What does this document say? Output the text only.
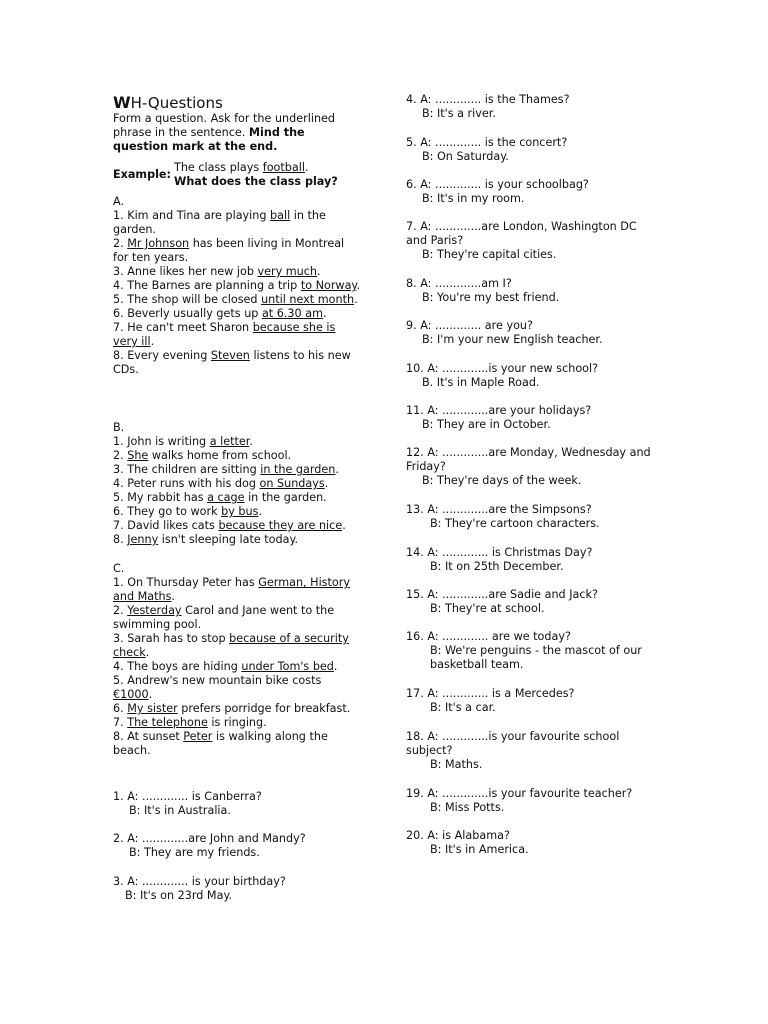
WH-Questions
Form a question. Ask for the underlined phrase in the sentence. Mind the question mark at the end.
Example:
The class plays football.
What does the class play?

A.

1. Kim and Tina are playing ball in the garden.

2. Mr Johnson has been living in Montreal for ten years.

3. Anne likes her new job very much.

4. The Barnes are planning a trip to Norway.

5. The shop will be closed until next month.

6. Beverly usually gets up at 6.30 am.

7. He can't meet Sharon because she is very ill.

8. Every evening Steven listens to his new CDs.

B.

1. John is writing a letter.

2. She walks home from school.

3. The children are sitting in the garden.

4. Peter runs with his dog on Sundays.

5. My rabbit has a cage in the garden.

6. They go to work by bus.

7. David likes cats because they are nice.

8. Jenny isn't sleeping late today.

C.

1. On Thursday Peter has German, History and Maths.

2. Yesterday Carol and Jane went to the swimming pool.

3. Sarah has to stop because of a security check.

4. The boys are hiding under Tom's bed.

5. Andrew's new mountain bike costs €1000.

6. My sister prefers porridge for breakfast.

7. The telephone is ringing.

8. At sunset Peter is walking along the beach.

1. A: ............. is Canberra?

B: It's in Australia.

2. A: .............are John and Mandy?

B: They are my friends.

3. A: ............. is your birthday?

B: It's on 23rd May.

4. A: ............. is the Thames?

B: It's a river.

5. A: ............. is the concert?

B: On Saturday.

6. A: ............. is your schoolbag?

B: It's in my room.

7. A: .............are London, Washington DC and Paris?

B: They're capital cities.

8. A: .............am I?

B: You're my best friend.

9. A: ............. are you?

B: I'm your new English teacher.

10. A: .............is your new school?

B. It's in Maple Road.

11. A: .............are your holidays?

B: They are in October.

12. A: .............are Monday, Wednesday and Friday?

B: They're days of the week.

13. A: .............are the Simpsons?

B: They're cartoon characters.

14. A: ............. is Christmas Day?

B: It on 25th December.

15. A: .............are Sadie and Jack?

B: They're at school.

16. A: ............. are we today?

B: We're penguins - the mascot of our basketball team.

17. A: ............. is a Mercedes?

B: It's a car.

18. A: .............is your favourite school subject?

B: Maths.

19. A: .............is your favourite teacher?

B: Miss Potts.

20. A: is Alabama?

B: It's in America.
